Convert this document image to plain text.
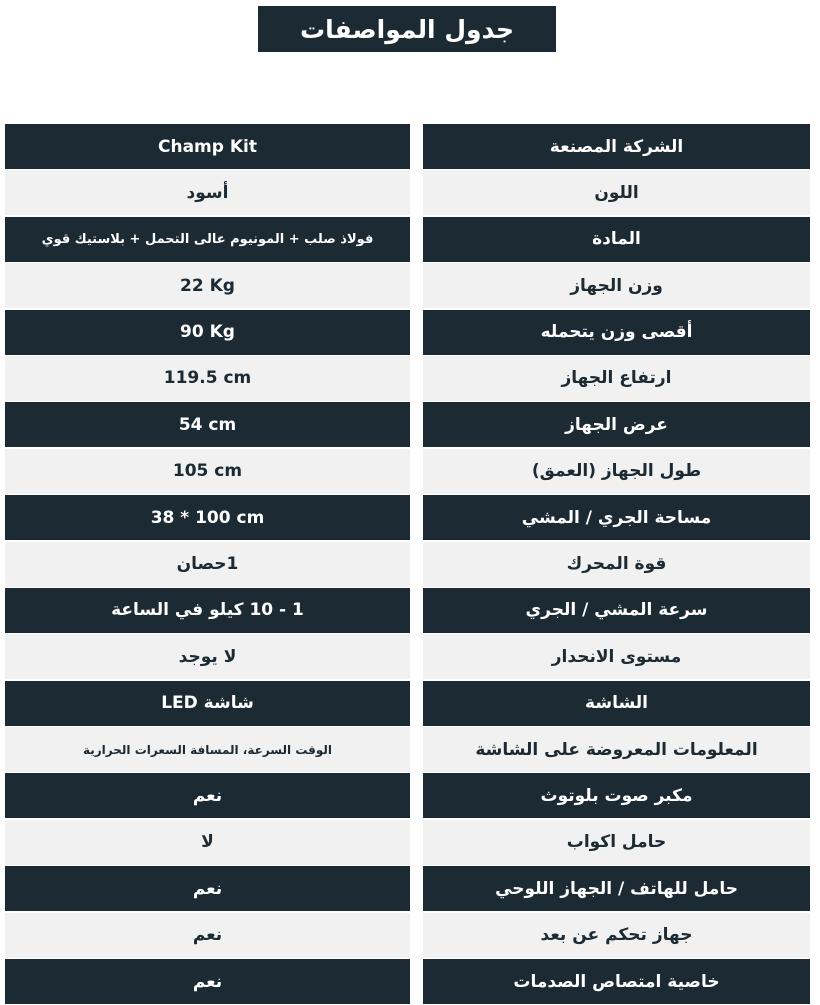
جدول المواصفات
الشركة المصنعة
Champ Kit
اللون
أسود
المادة
فولاذ صلب + المونيوم عالى التحمل + بلاستيك قوي
وزن الجهاز
22 Kg
أقصى وزن يتحمله
90 Kg
ارتفاع الجهاز
119.5 cm
عرض الجهاز
54 cm
طول الجهاز (العمق)
105 cm
مساحة الجري / المشي
38 * 100 cm
قوة المحرك
1حصان
سرعة المشي / الجري
1 - 10 كيلو في الساعة
مستوى الانحدار
لا يوجد
الشاشة
شاشة LED
المعلومات المعروضة على الشاشة
الوقت السرعة، المسافة السعرات الحرارية
مكبر صوت بلوتوث
نعم
حامل اكواب
لا
حامل للهاتف / الجهاز اللوحي
نعم
جهاز تحكم عن بعد
نعم
خاصية امتصاص الصدمات
نعم
